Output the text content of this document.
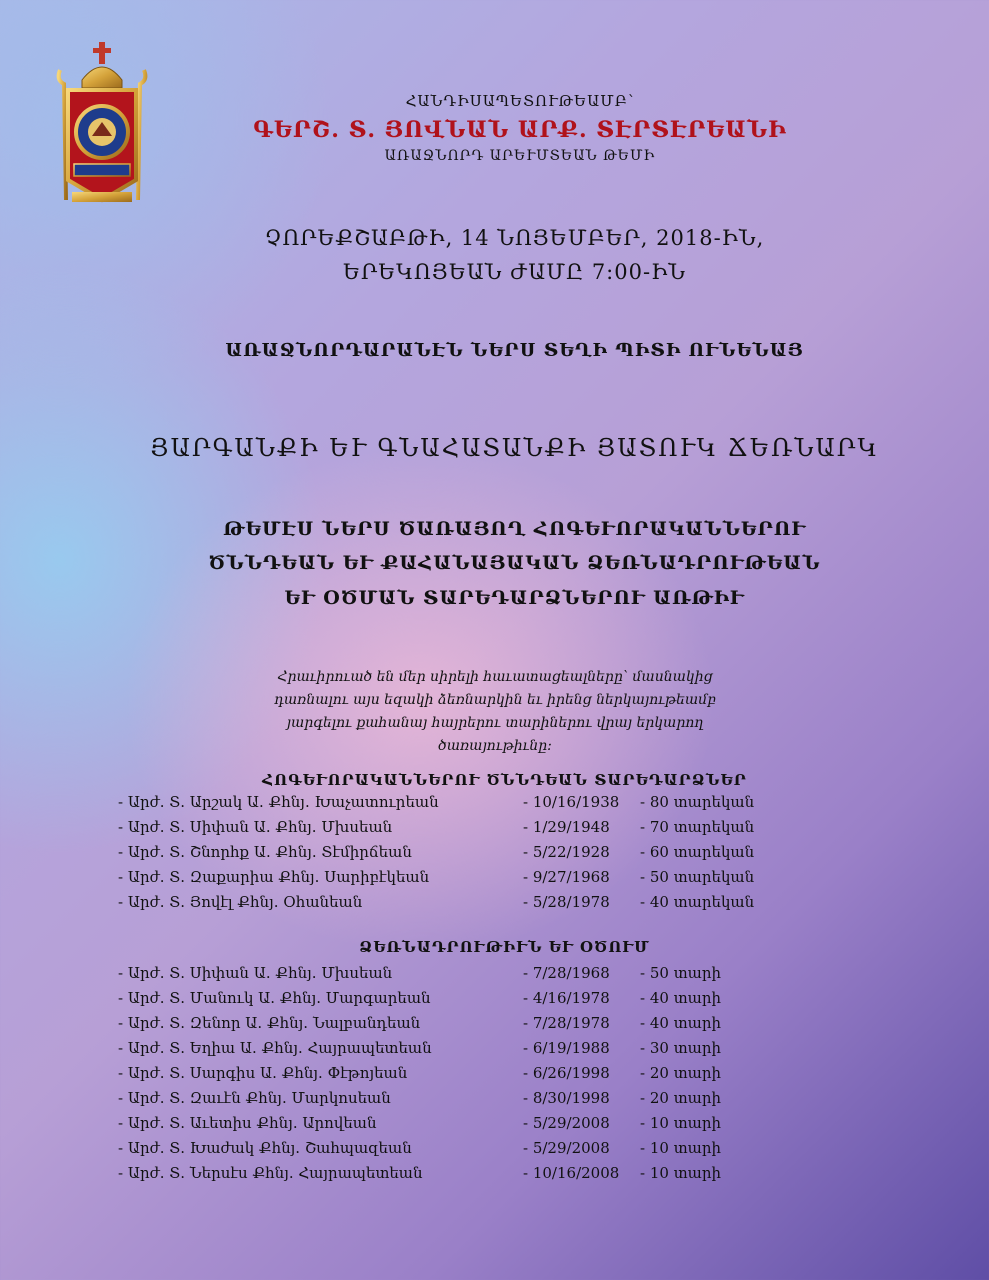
ՀԱՆԴԻՍԱՊԵՏՈՒԹԵԱՄԲ՝
ԳԵՐՇ. Տ. ՅՈՎՆԱՆ ԱՐՔ. ՏԷՐՏԷՐԵԱՆԻ
ԱՌԱՋՆՈՐԴ ԱՐԵՒՄՏԵԱՆ ԹԵՄԻ
ՉՈՐԵՔՇԱԲԹԻ, 14 ՆՈՅԵՄԲԵՐ, 2018-ԻՆ,
ԵՐԵԿՈՅԵԱՆ ԺԱՄԸ 7:00-ԻՆ
ԱՌԱՋՆՈՐԴԱՐԱՆԷՆ ՆԵՐՍ ՏԵՂԻ ՊԻՏԻ ՈՒՆԵՆԱՅ
ՅԱՐԳԱՆՔԻ ԵՒ ԳՆԱՀԱՏԱՆՔԻ ՅԱՏՈՒԿ ՃԵՌՆԱՐԿ
ԹԵՄԷՍ ՆԵՐՍ ԾԱՌԱՅՈՂ ՀՈԳԵՒՈՐԱԿԱՆՆԵՐՈՒ
ԾՆՆԴԵԱՆ ԵՒ ՔԱՀԱՆԱՅԱԿԱՆ ՁԵՌՆԱԴՐՈՒԹԵԱՆ
ԵՒ ՕԾՄԱՆ ՏԱՐԵԴԱՐՁՆԵՐՈՒ ԱՌԹԻՒ
Հրաւիրուած են մեր սիրելի հաւատացեալները՝ մասնակից դառնալու այս եզակի ձեռնարկին եւ իրենց ներկայութեամբ յարգելու քահանայ հայրերու տարիներու վրայ երկարող ծառայութիւնը:
ՀՈԳԵՒՈՐԱԿԱՆՆԵՐՈՒ ԾՆՆԴԵԱՆ ՏԱՐԵԴԱՐՁՆԵՐ
- Արժ. Տ. Արշակ Ա. Քհնյ. Խաչատուրեան	- 10/16/1938 - 80 տարեկան
- Արժ. Տ. Սիփան Ա. Քհնյ. Մխսեան	- 1/29/1948 - 70 տարեկան
- Արժ. Տ. Շնորհք Ա. Քհնյ. Տէմիրճեան	- 5/22/1928 - 60 տարեկան
- Արժ. Տ. Զաքարիա Քհնյ. Սարիբէկեան	- 9/27/1968 - 50 տարեկան
- Արժ. Տ. Յովէլ Քհնյ. Օհանեան	- 5/28/1978 - 40 տարեկան
ՁԵՌՆԱԴՐՈՒԹԻՒՆ ԵՒ ՕԾՈՒՄ
- Արժ. Տ. Սիփան Ա. Քհնյ. Մխսեան	- 7/28/1968 - 50 տարի
- Արժ. Տ. Մանուկ Ա. Քհնյ. Մարգարեան	- 4/16/1978 - 40 տարի
- Արժ. Տ. Զենոր Ա. Քհնյ. Նալբանդեան	- 7/28/1978 - 40 տարի
- Արժ. Տ. Եղիա Ա. Քհնյ. Հայրապետեան	- 6/19/1988 - 30 տարի
- Արժ. Տ. Սարգիս Ա. Քհնյ. Փէթոյեան	- 6/26/1998 - 20 տարի
- Արժ. Տ. Զաւէն Քհնյ. Մարկոսեան	- 8/30/1998 - 20 տարի
- Արժ. Տ. Աւետիս Քհնյ. Արովեան	- 5/29/2008 - 10 տարի
- Արժ. Տ. Խաժակ Քհնյ. Շահպազեան	- 5/29/2008 - 10 տարի
- Արժ. Տ. Ներսէս Քհնյ. Հայրապետեան	- 10/16/2008 - 10 տարի
